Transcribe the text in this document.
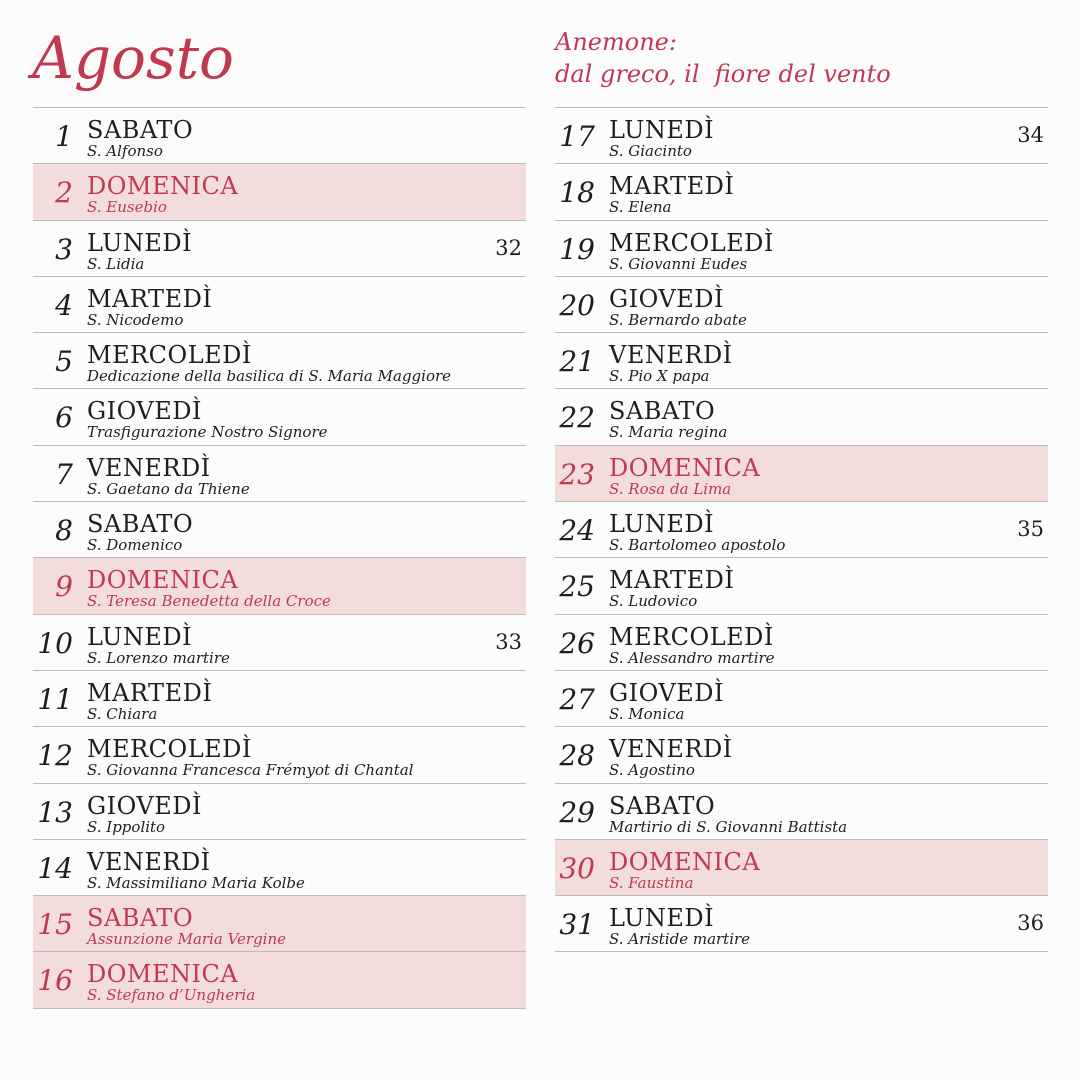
Agosto	Anemone:
dal greco, il  fiore del vento
1 SABATO
S. Alfonso
2 DOMENICA
S. Eusebio
3 LUNEDÌ
S. Lidia
32
4 MARTEDÌ
S. Nicodemo
5 MERCOLEDÌ
Dedicazione della basilica di S. Maria Maggiore
6 GIOVEDÌ
Trasfigurazione Nostro Signore
7 VENERDÌ
S. Gaetano da Thiene
8 SABATO
S. Domenico
9 DOMENICA
S. Teresa Benedetta della Croce
10 LUNEDÌ
S. Lorenzo martire
33
11 MARTEDÌ
S. Chiara
12 MERCOLEDÌ
S. Giovanna Francesca Frémyot di Chantal
13 GIOVEDÌ
S. Ippolito
14 VENERDÌ
S. Massimiliano Maria Kolbe
15 SABATO
Assunzione Maria Vergine
16 DOMENICA
S. Stefano d’Ungheria
17 LUNEDÌ
S. Giacinto
34
18 MARTEDÌ
S. Elena
19 MERCOLEDÌ
S. Giovanni Eudes
20 GIOVEDÌ
S. Bernardo abate
21 VENERDÌ
S. Pio X papa
22 SABATO
S. Maria regina
23 DOMENICA
S. Rosa da Lima
24 LUNEDÌ
S. Bartolomeo apostolo
35
25 MARTEDÌ
S. Ludovico
26 MERCOLEDÌ
S. Alessandro martire
27 GIOVEDÌ
S. Monica
28 VENERDÌ
S. Agostino
29 SABATO
Martirio di S. Giovanni Battista
30 DOMENICA
S. Faustina
31 LUNEDÌ
S. Aristide martire
36
